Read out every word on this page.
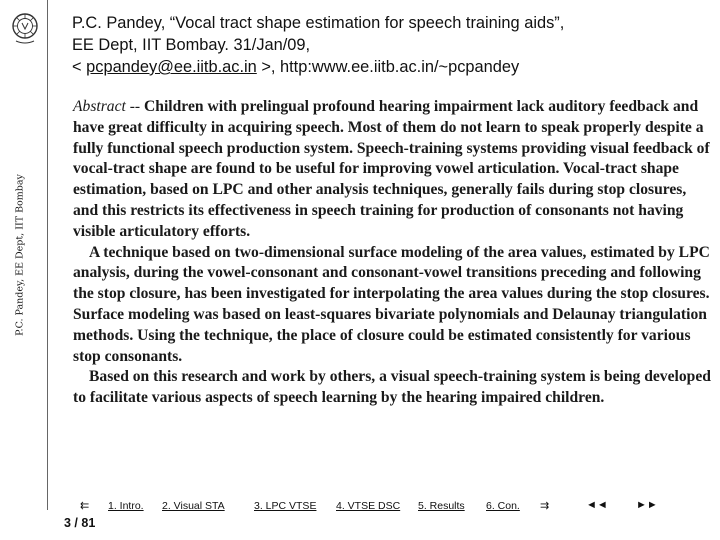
P.C. Pandey, EE Dept, IIT Bombay
P.C. Pandey, “Vocal tract shape estimation for speech training aids”,
EE Dept, IIT Bombay. 31/Jan/09,
< pcpandey@ee.iitb.ac.in >, http:www.ee.iitb.ac.in/~pcpandey

Abstract -- Children with prelingual profound hearing impairment lack auditory feedback and have great difficulty in acquiring speech. Most of them do not learn to speak properly despite a fully functional speech production system. Speech-training systems providing visual feedback of vocal-tract shape are found to be useful for improving vowel articulation. Vocal-tract shape estimation, based on LPC and other analysis techniques, generally fails during stop closures, and this restricts its effectiveness in speech training for production of consonants not having visible articulatory efforts.

A technique based on two-dimensional surface modeling of the area values, estimated by LPC analysis, during the vowel-consonant and consonant-vowel transitions preceding and following the stop closure, has been investigated for interpolating the area values during the stop closures. Surface modeling was based on least-squares bivariate polynomials and Delaunay triangulation methods. Using the technique, the place of closure could be estimated consistently for various stop consonants.

Based on this research and work by others, a visual speech-training system is being developed to facilitate various aspects of speech learning by the hearing impaired children.

⇇ 1. Intro. 2. Visual STA	3. LPC VTSE 4. VTSE DSC 5. Results 6. Con. ⇉	◄◄	►►
3 / 81
